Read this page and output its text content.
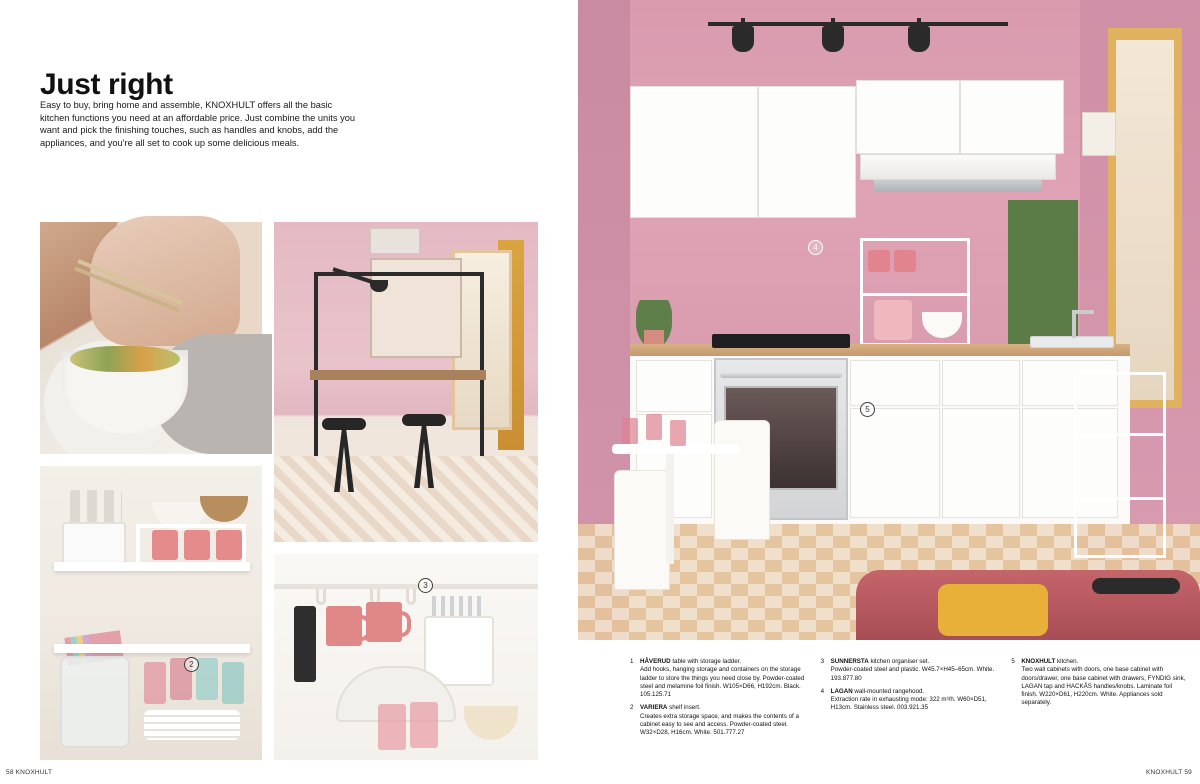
Just right

Easy to buy, bring home and assemble, KNOXHULT offers all the basic kitchen functions you need at an affordable price. Just combine the units you want and pick the finishing touches, such as handles and knobs, add the appliances, and you're all set to cook up some delicious meals.

2
3
58 KNOXHULT
4
5
1	HÅVERUD table with storage ladder.
Add hooks, hanging storage and containers on the storage ladder to store the things you need close by. Powder-coated steel and melamine foil finish. W105×D66, H192cm. Black. 105.125.71
2	VARIERA shelf insert.
Creates extra storage space, and makes the contents of a cabinet easy to see and access. Powder-coated steel. W32×D28, H16cm. White. 501.777.27
3	SUNNERSTA kitchen organiser set.
Powder-coated steel and plastic. W45.7×H45–65cm. White. 193.877.80
4	LAGAN wall-mounted rangehood.
Extraction rate in exhausting mode: 322 m³/h. W60×D51, H13cm. Stainless steel. 003.921.35
5	KNOXHULT kitchen.
Two wall cabinets with doors, one base cabinet with doors/drawer, one base cabinet with drawers, FYNDIG sink, LAGAN tap and HACKÅS handles/knobs. Laminate foil finish. W220×D61, H220cm. White. Appliances sold separately.
KNOXHULT 59
